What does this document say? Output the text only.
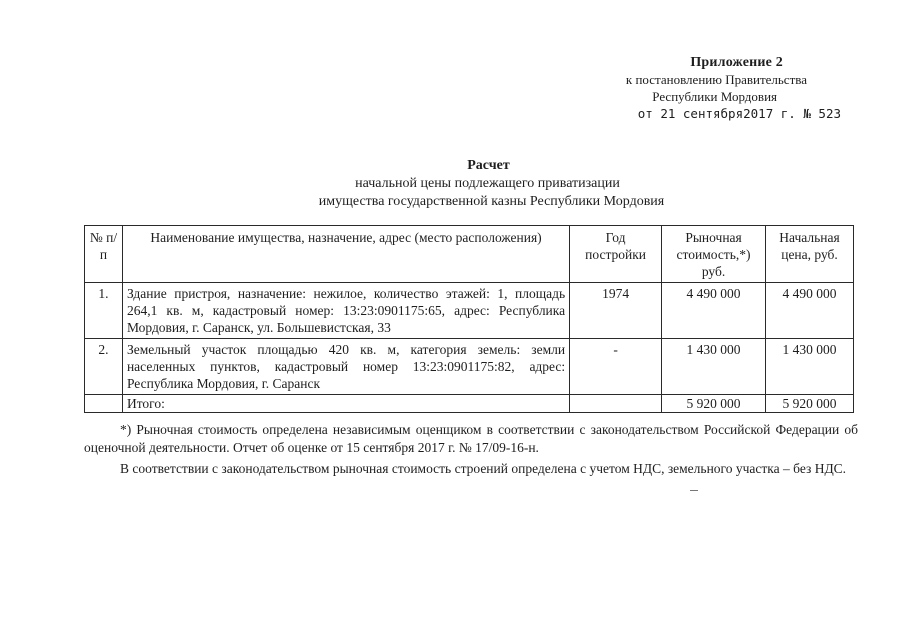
Приложение 2
к постановлению Правительства
Республики Мордовия
от 21 сентября2017 г. № 523
Расчет
начальной цены подлежащего приватизации
имущества государственной казны Республики Мордовия
№ п/п	Наименование имущества, назначение, адрес (место расположения)	Год постройки	Рыночная стоимость,*) руб.	Начальная цена, руб.
1.	Здание пристроя, назначение: нежилое, количество этажей: 1, площадь 264,1 кв. м, кадастровый номер: 13:23:0901175:65, адрес: Республика Мордовия, г. Саранск, ул. Большевистская, 33	1974	4 490 000	4 490 000
2.	Земельный участок площадью 420 кв. м, категория земель: земли населенных пунктов, кадастровый номер 13:23:0901175:82, адрес: Республика Мордовия, г. Саранск	-	1 430 000	1 430 000
	Итого:		5 920 000	5 920 000

*) Рыночная стоимость определена независимым оценщиком в соответствии с законодательством Российской Федерации об оценочной деятельности. Отчет об оценке от 15 сентября 2017 г. № 17/09-16-н.

В соответствии с законодательством рыночная стоимость строений определена с учетом НДС, земельного участка – без НДС.
